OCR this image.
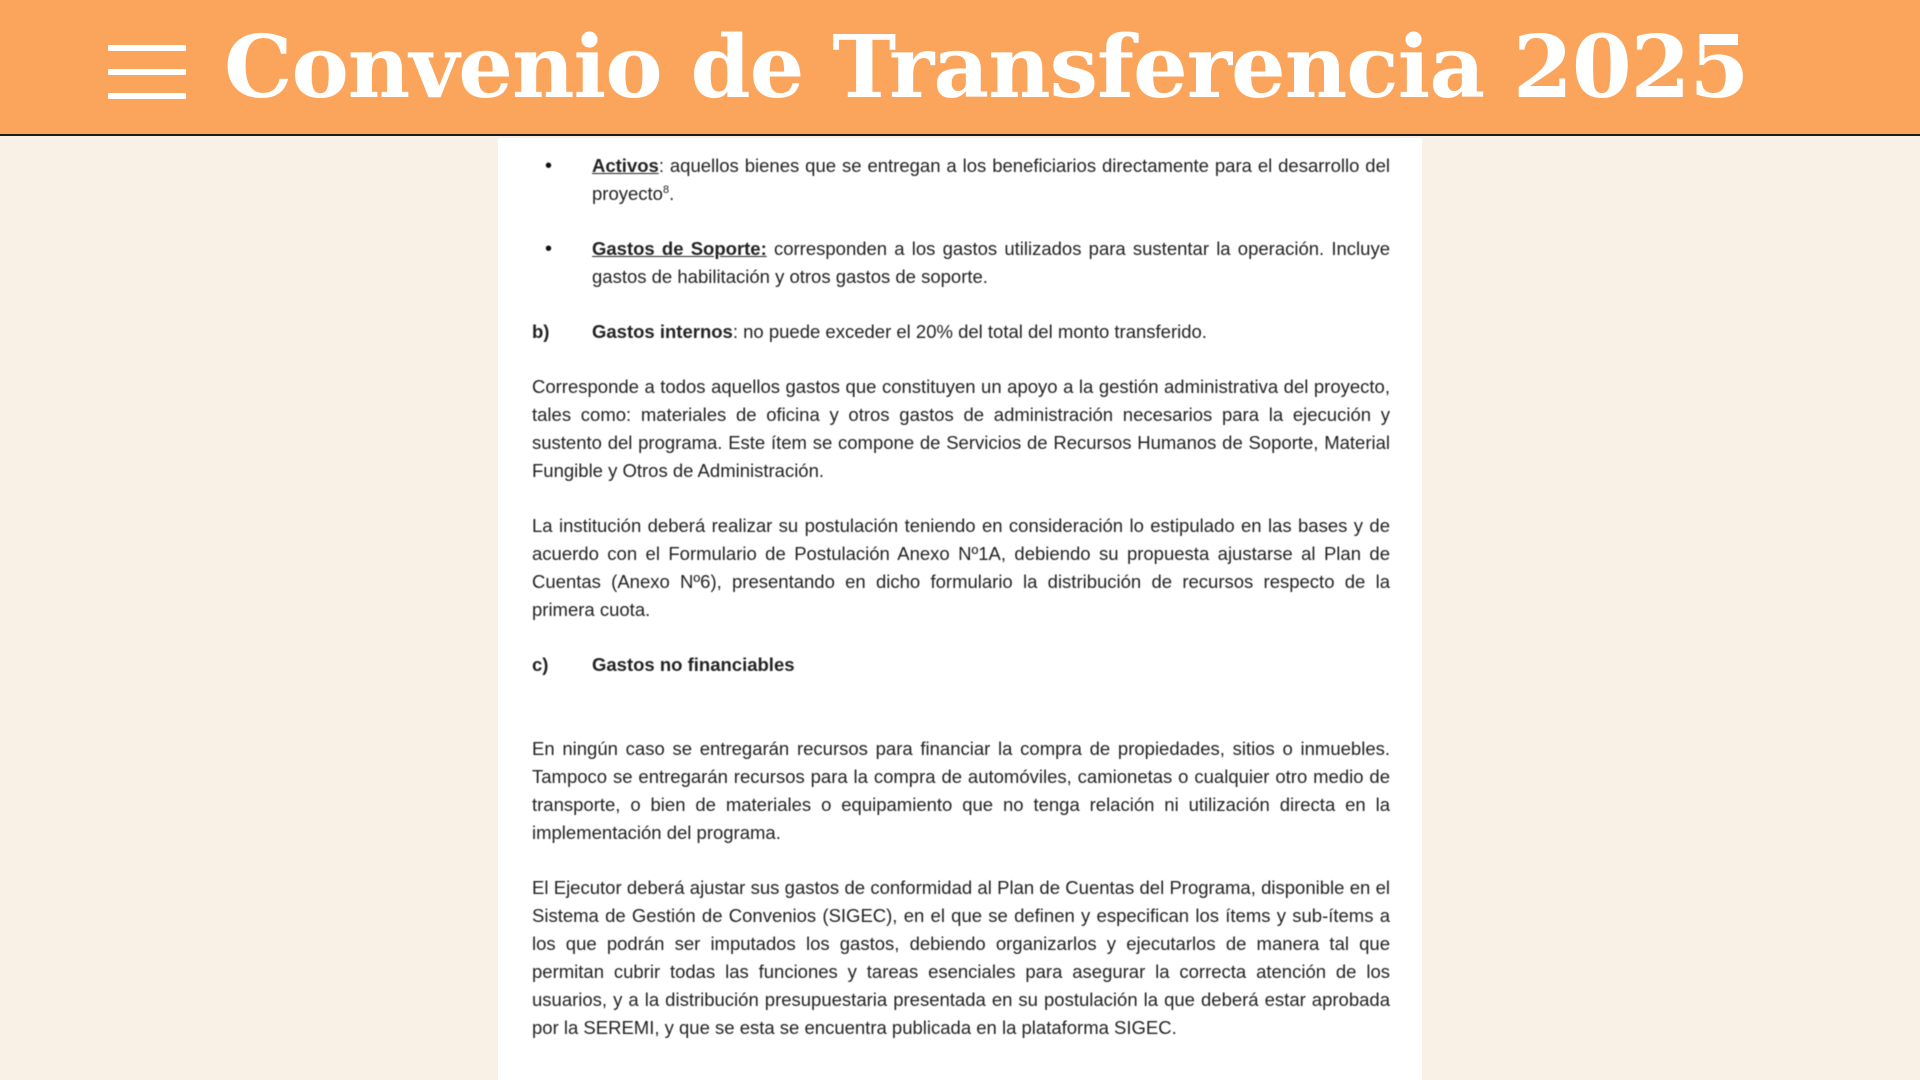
Convenio de Transferencia 2025

• Activos: aquellos bienes que se entregan a los beneficiarios directamente para el desarrollo del proyecto$^8$.

• Gastos de Soporte: corresponden a los gastos utilizados para sustentar la operación. Incluye gastos de habilitación y otros gastos de soporte.

b) Gastos internos: no puede exceder el 20% del total del monto transferido.

Corresponde a todos aquellos gastos que constituyen un apoyo a la gestión administrativa del proyecto, tales como: materiales de oficina y otros gastos de administración necesarios para la ejecución y sustento del programa. Este ítem se compone de Servicios de Recursos Humanos de Soporte, Material Fungible y Otros de Administración.

La institución deberá realizar su postulación teniendo en consideración lo estipulado en las bases y de acuerdo con el Formulario de Postulación Anexo Nº1A, debiendo su propuesta ajustarse al Plan de Cuentas (Anexo Nº6), presentando en dicho formulario la distribución de recursos respecto de la primera cuota.

c) Gastos no financiables

En ningún caso se entregarán recursos para financiar la compra de propiedades, sitios o inmuebles. Tampoco se entregarán recursos para la compra de automóviles, camionetas o cualquier otro medio de transporte, o bien de materiales o equipamiento que no tenga relación ni utilización directa en la implementación del programa.

El Ejecutor deberá ajustar sus gastos de conformidad al Plan de Cuentas del Programa, disponible en el Sistema de Gestión de Convenios (SIGEC), en el que se definen y especifican los ítems y sub-ítems a los que podrán ser imputados los gastos, debiendo organizarlos y ejecutarlos de manera tal que permitan cubrir todas las funciones y tareas esenciales para asegurar la correcta atención de los usuarios, y a la distribución presupuestaria presentada en su postulación la que deberá estar aprobada por la SEREMI, y que se esta se encuentra publicada en la plataforma SIGEC.
